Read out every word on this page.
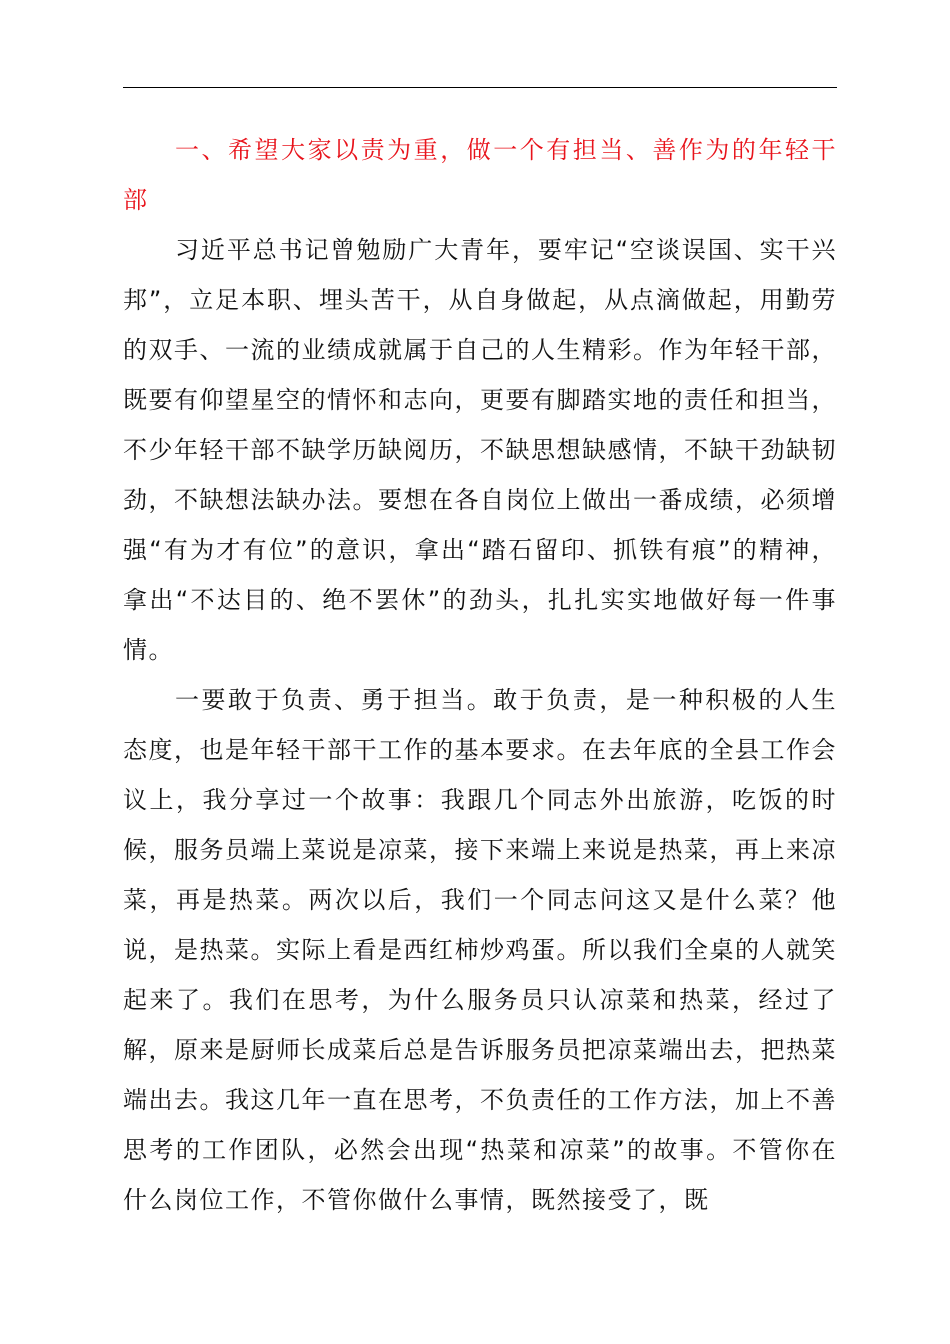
一、希望大家以责为重，做一个有担当、善作为的年轻干部

习近平总书记曾勉励广大青年，要牢记“空谈误国、实干兴邦”，立足本职、埋头苦干，从自身做起，从点滴做起，用勤劳的双手、一流的业绩成就属于自己的人生精彩。作为年轻干部，既要有仰望星空的情怀和志向，更要有脚踏实地的责任和担当，不少年轻干部不缺学历缺阅历，不缺思想缺感情，不缺干劲缺韧劲，不缺想法缺办法。要想在各自岗位上做出一番成绩，必须增强“有为才有位”的意识，拿出“踏石留印、抓铁有痕”的精神，拿出“不达目的、绝不罢休”的劲头，扎扎实实地做好每一件事情。

一要敢于负责、勇于担当。敢于负责，是一种积极的人生态度，也是年轻干部干工作的基本要求。在去年底的全县工作会议上，我分享过一个故事：我跟几个同志外出旅游，吃饭的时候，服务员端上菜说是凉菜，接下来端上来说是热菜，再上来凉菜，再是热菜。两次以后，我们一个同志问这又是什么菜？他说，是热菜。实际上看是西红柿炒鸡蛋。所以我们全桌的人就笑起来了。我们在思考，为什么服务员只认凉菜和热菜，经过了解，原来是厨师长成菜后总是告诉服务员把凉菜端出去，把热菜端出去。我这几年一直在思考，不负责任的工作方法，加上不善思考的工作团队，必然会出现“热菜和凉菜”的故事。不管你在什么岗位工作，不管你做什么事情，既然接受了，既
